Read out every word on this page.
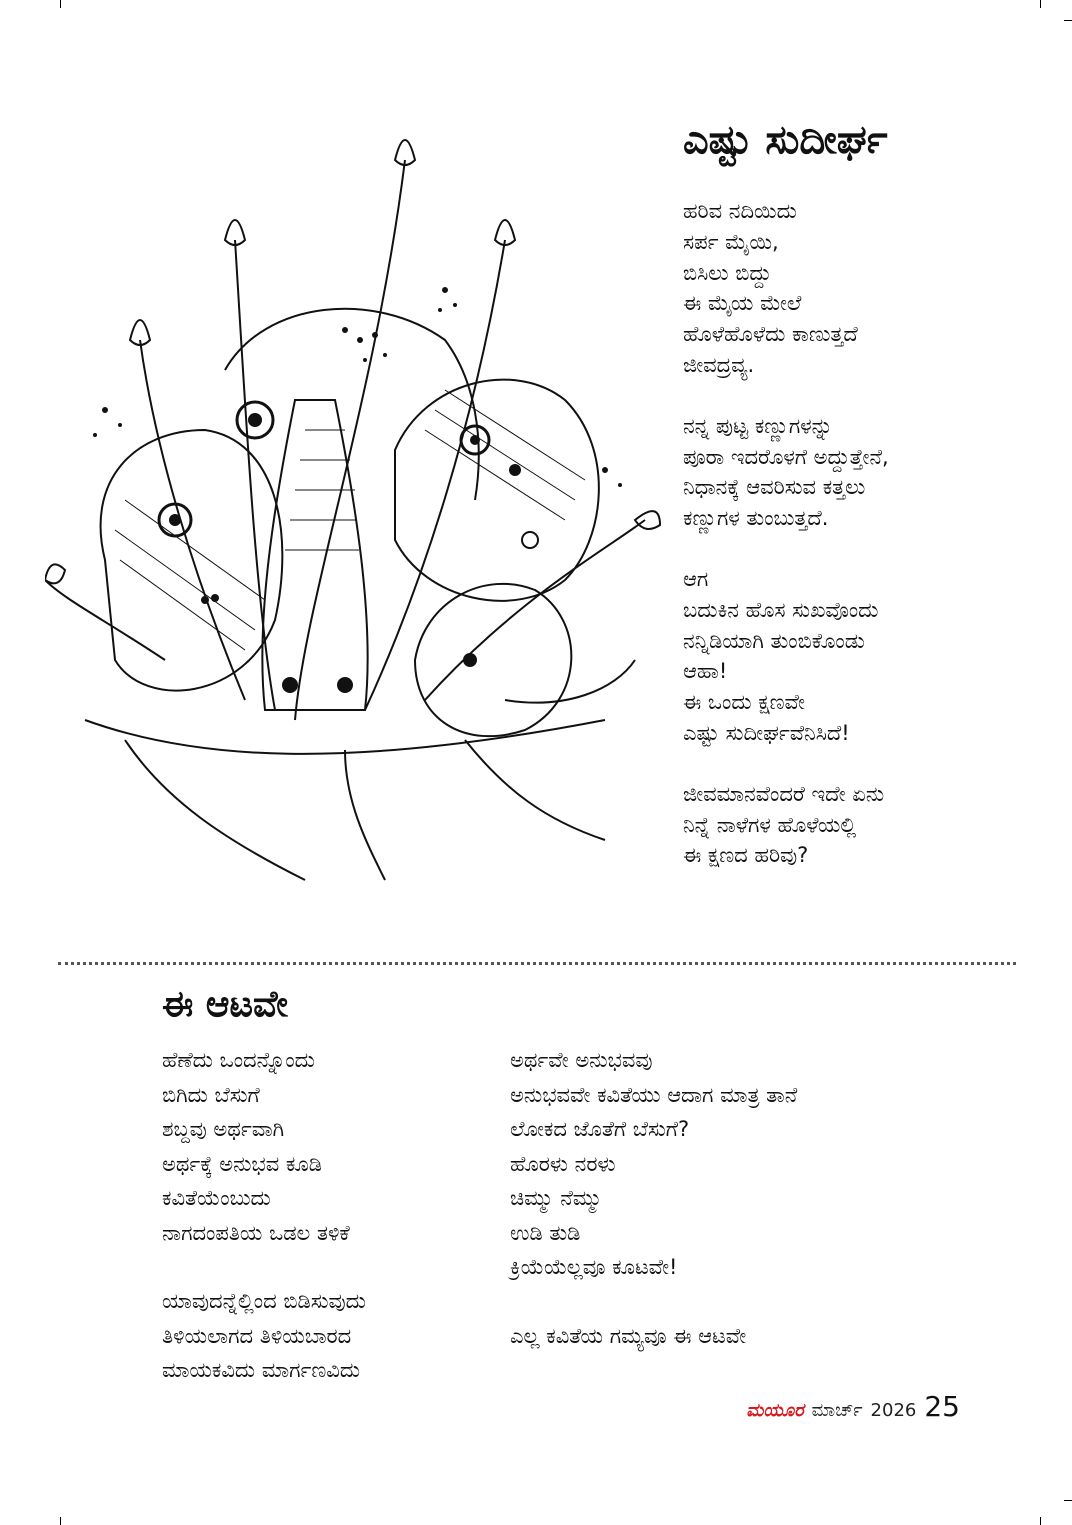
ಎಷ್ಟು ಸುದೀರ್ಘ
ಹರಿವ ನದಿಯಿದು
ಸರ್ಪ ಮೈಯಿ,
ಬಿಸಿಲು ಬಿದ್ದು
ಈ ಮೈಯ ಮೇಲೆ
ಹೊಳೆಹೊಳೆದು ಕಾಣುತ್ತದೆ
ಜೀವದ್ರವ್ಯ.
ನನ್ನ ಪುಟ್ಟ ಕಣ್ಣುಗಳನ್ನು
ಪೂರಾ ಇದರೊಳಗೆ ಅದ್ದುತ್ತೇನೆ,
ನಿಧಾನಕ್ಕೆ ಆವರಿಸುವ ಕತ್ತಲು
ಕಣ್ಣುಗಳ ತುಂಬುತ್ತದೆ.
ಆಗ
ಬದುಕಿನ ಹೊಸ ಸುಖವೊಂದು
ನನ್ನಿಡಿಯಾಗಿ ತುಂಬಿಕೊಂಡು
ಆಹಾ!
ಈ ಒಂದು ಕ್ಷಣವೇ
ಎಷ್ಟು ಸುದೀರ್ಘವೆನಿಸಿದೆ!
ಜೀವಮಾನವೆಂದರೆ ಇದೇ ಏನು
ನಿನ್ನೆ ನಾಳೆಗಳ ಹೊಳೆಯಲ್ಲಿ
ಈ ಕ್ಷಣದ ಹರಿವು?
ಈ ಆಟವೇ
ಹೆಣೆದು ಒಂದನ್ನೊಂದು
ಬಿಗಿದು ಬೆಸುಗೆ
ಶಬ್ದವು ಅರ್ಥವಾಗಿ
ಅರ್ಥಕ್ಕೆ ಅನುಭವ ಕೂಡಿ
ಕವಿತೆಯೆಂಬುದು
ನಾಗದಂಪತಿಯ ಒಡಲ ತಳಿಕೆ
ಯಾವುದನ್ನೆಲ್ಲಿಂದ ಬಿಡಿಸುವುದು
ತಿಳಿಯಲಾಗದ ತಿಳಿಯಬಾರದ
ಮಾಯಕವಿದು ಮಾರ್ಗಣವಿದು
ಅರ್ಥವೇ ಅನುಭವವು
ಅನುಭವವೇ ಕವಿತೆಯು ಆದಾಗ ಮಾತ್ರ ತಾನೆ
ಲೋಕದ ಜೊತೆಗೆ ಬೆಸುಗೆ?
ಹೊರಳು ನರಳು
ಚಿಮ್ಮು ನೆಮ್ಮು
ಉಡಿ ತುಡಿ
ಕ್ರಿಯೆಯೆಲ್ಲವೂ ಕೂಟವೇ!
ಎಲ್ಲ ಕವಿತೆಯ ಗಮ್ಯವೂ ಈ ಆಟವೇ
ಮಯೂರ ಮಾರ್ಚ್ 2026 25
